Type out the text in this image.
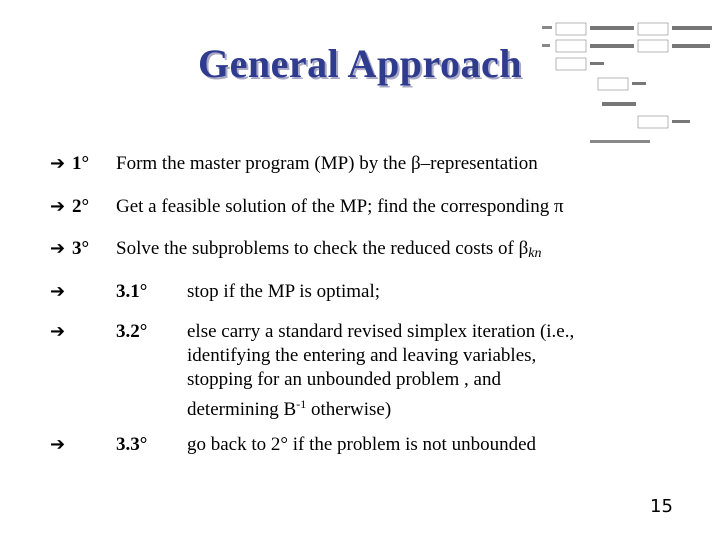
General Approach
➔ 1° Form the master program (MP) by the β–representation
➔ 2° Get a feasible solution of the MP; find the corresponding π
➔ 3° Solve the subproblems to check the reduced costs of $\beta_{kn}$
➔	3.1° stop if the MP is optimal;
➔	3.2° else carry a standard revised simplex iteration (i.e.,
identifying the entering and leaving variables,
stopping for an unbounded problem , and
determining $B^{-1}$ otherwise)
➔	3.3° go back to 2° if the problem is not unbounded
15
